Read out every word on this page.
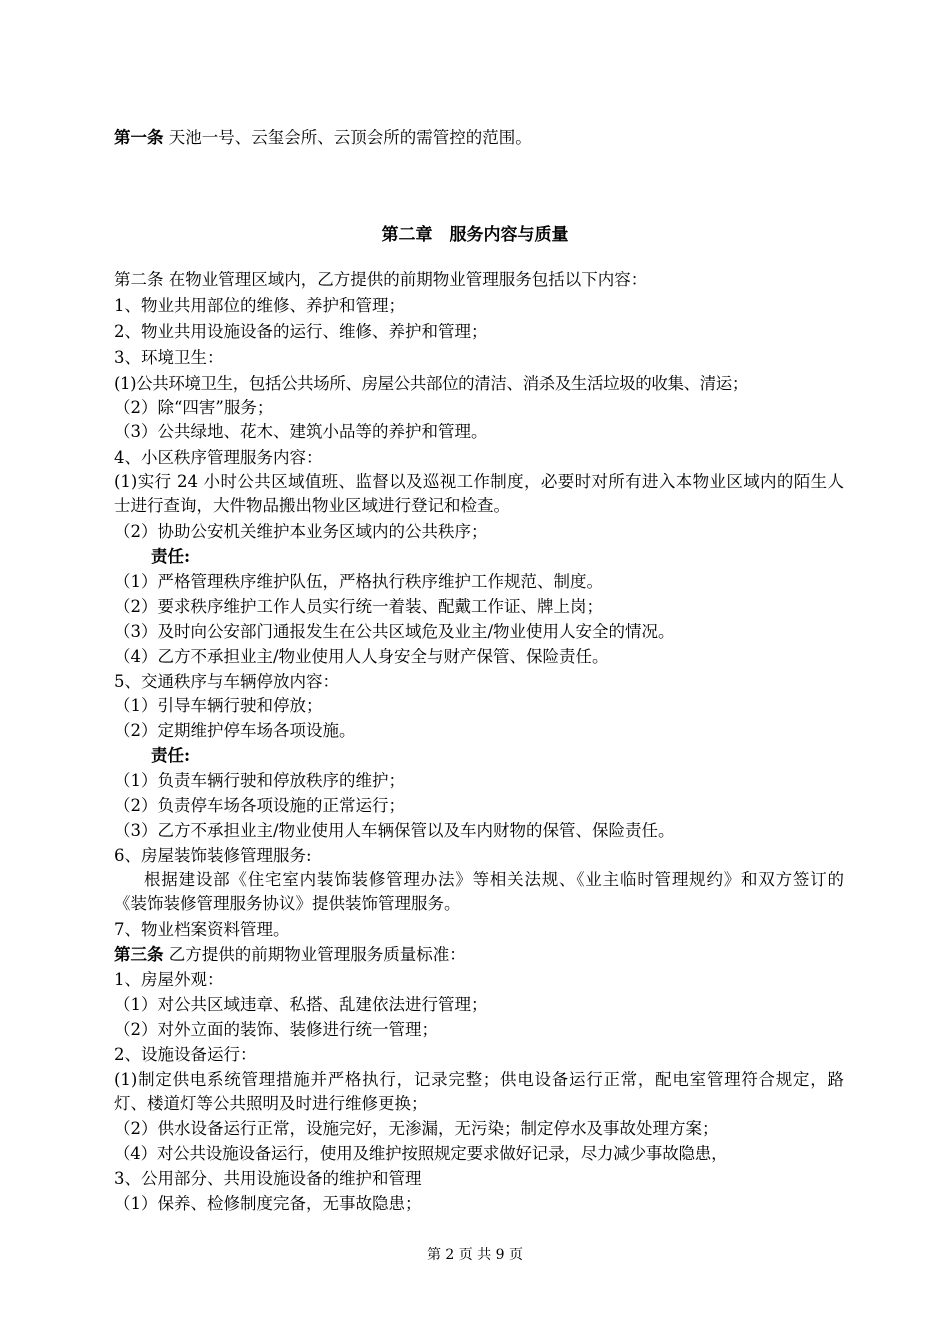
第一条 天池一号、云玺会所、云顶会所的需管控的范围。
第二章　服务内容与质量
第二条 在物业管理区域内，乙方提供的前期物业管理服务包括以下内容：
1、物业共用部位的维修、养护和管理；
2、物业共用设施设备的运行、维修、养护和管理；
3、环境卫生：
(1)公共环境卫生，包括公共场所、房屋公共部位的清洁、消杀及生活垃圾的收集、清运；
（2）除“四害”服务；
（3）公共绿地、花木、建筑小品等的养护和管理。
4、小区秩序管理服务内容：
(1)实行 24 小时公共区域值班、监督以及巡视工作制度，必要时对所有进入本物业区域内的陌生人士进行查询，大件物品搬出物业区域进行登记和检查。
（2）协助公安机关维护本业务区域内的公共秩序；
责任:
（1）严格管理秩序维护队伍，严格执行秩序维护工作规范、制度。
（2）要求秩序维护工作人员实行统一着装、配戴工作证、牌上岗；
（3）及时向公安部门通报发生在公共区域危及业主/物业使用人安全的情况。
（4）乙方不承担业主/物业使用人人身安全与财产保管、保险责任。
5、交通秩序与车辆停放内容：
（1）引导车辆行驶和停放；
（2）定期维护停车场各项设施。
责任:
（1）负责车辆行驶和停放秩序的维护；
（2）负责停车场各项设施的正常运行；
（3）乙方不承担业主/物业使用人车辆保管以及车内财物的保管、保险责任。
6、房屋装饰装修管理服务:
根据建设部《住宅室内装饰装修管理办法》等相关法规、《业主临时管理规约》和双方签订的《装饰装修管理服务协议》提供装饰管理服务。
7、物业档案资料管理。
第三条 乙方提供的前期物业管理服务质量标准：
1、房屋外观：
（1）对公共区域违章、私搭、乱建依法进行管理；
（2）对外立面的装饰、装修进行统一管理；
2、设施设备运行：
(1)制定供电系统管理措施并严格执行，记录完整；供电设备运行正常，配电室管理符合规定，路灯、楼道灯等公共照明及时进行维修更换；
（2）供水设备运行正常，设施完好，无渗漏，无污染；制定停水及事故处理方案；
（4）对公共设施设备运行，使用及维护按照规定要求做好记录，尽力减少事故隐患，
3、公用部分、共用设施设备的维护和管理
（1）保养、检修制度完备，无事故隐患；
第 2 页 共 9 页
